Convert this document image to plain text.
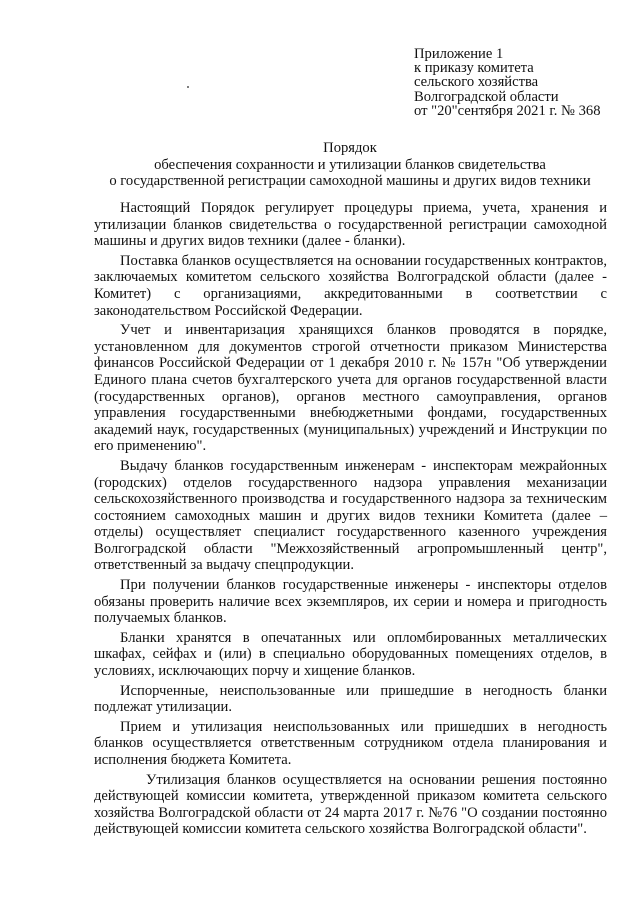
Приложение 1
к приказу комитета
сельского хозяйства
Волгоградской области
от "20"сентября 2021 г. № 368
Порядок
обеспечения сохранности и утилизации бланков свидетельства
о государственной регистрации самоходной машины и других видов техники

Настоящий Порядок регулирует процедуры приема, учета, хранения и утилизации бланков свидетельства о государственной регистрации самоходной машины и других видов техники (далее - бланки).

Поставка бланков осуществляется на основании государственных контрактов, заключаемых комитетом сельского хозяйства Волгоградской области (далее - Комитет) с организациями, аккредитованными в соответствии с законодательством Российской Федерации.

Учет и инвентаризация хранящихся бланков проводятся в порядке, установленном для документов строгой отчетности приказом Министерства финансов Российской Федерации от 1 декабря 2010 г. № 157н "Об утверждении Единого плана счетов бухгалтерского учета для органов государственной власти (государственных органов), органов местного самоуправления, органов управления государственными внебюджетными фондами, государственных академий наук, государственных (муниципальных) учреждений и Инструкции по его применению".

Выдачу бланков государственным инженерам - инспекторам межрайонных (городских) отделов государственного надзора управления механизации сельскохозяйственного производства и государственного надзора за техническим состоянием самоходных машин и других видов техники Комитета (далее – отделы) осуществляет специалист государственного казенного учреждения Волгоградской области "Межхозяйственный агропромышленный центр", ответственный за выдачу спецпродукции.

При получении бланков государственные инженеры - инспекторы отделов обязаны проверить наличие всех экземпляров, их серии и номера и пригодность получаемых бланков.

Бланки хранятся в опечатанных или опломбированных металлических шкафах, сейфах и (или) в специально оборудованных помещениях отделов, в условиях, исключающих порчу и хищение бланков.

Испорченные, неиспользованные или пришедшие в негодность бланки подлежат утилизации.

Прием и утилизация неиспользованных или пришедших в негодность бланков осуществляется ответственным сотрудником отдела планирования и исполнения бюджета Комитета.

Утилизация бланков осуществляется на основании решения постоянно действующей комиссии комитета, утвержденной приказом комитета сельского хозяйства Волгоградской области от 24 марта 2017 г. №76 "О создании постоянно действующей комиссии комитета сельского хозяйства Волгоградской области".
